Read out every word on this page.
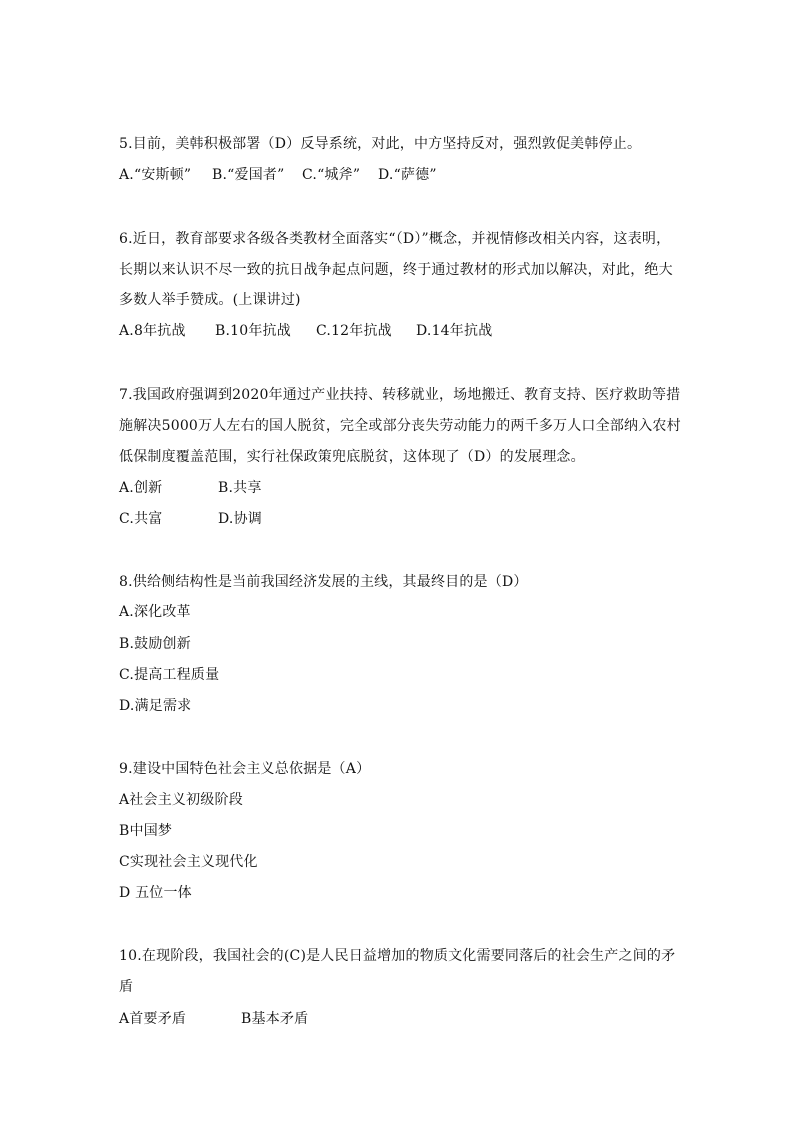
5.目前，美韩积极部署（D）反导系统，对此，中方坚持反对，强烈敦促美韩停止。
A.“安斯顿” B.“爱国者” C.“城斧” D.“萨德”
6.近日，教育部要求各级各类教材全面落实“（D）”概念，并视情修改相关内容，这表明，
长期以来认识不尽一致的抗日战争起点问题，终于通过教材的形式加以解决，对此，绝大
多数人举手赞成。(上课讲过)
A.8年抗战 B.10年抗战 C.12年抗战 D.14年抗战
7.我国政府强调到2020年通过产业扶持、转移就业，场地搬迁、教育支持、医疗救助等措
施解决5000万人左右的国人脱贫，完全或部分丧失劳动能力的两千多万人口全部纳入农村
低保制度覆盖范围，实行社保政策兜底脱贫，这体现了（D）的发展理念。
A.创新	B.共享
C.共富	D.协调
8.供给侧结构性是当前我国经济发展的主线，其最终目的是（D）
A.深化改革
B.鼓励创新
C.提高工程质量
D.满足需求
9.建设中国特色社会主义总依据是（A）
A社会主义初级阶段
B中国梦
C实现社会主义现代化
D 五位一体
10.在现阶段，我国社会的(C)是人民日益增加的物质文化需要同落后的社会生产之间的矛
盾
A首要矛盾	B基本矛盾
